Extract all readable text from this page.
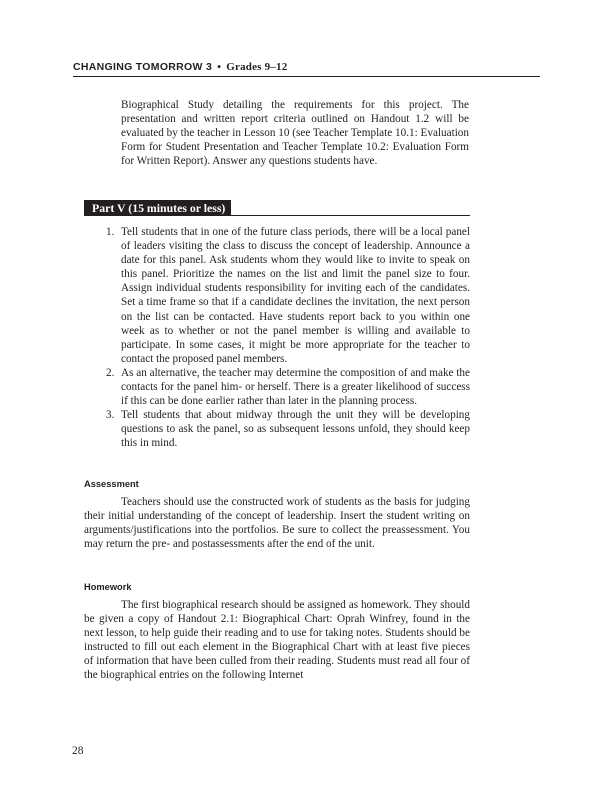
CHANGING TOMORROW 3 • Grades 9–12

Biographical Study detailing the requirements for this project. The presentation and written report criteria outlined on Handout 1.2 will be evaluated by the teacher in Lesson 10 (see Teacher Template 10.1: Evaluation Form for Student Presentation and Teacher Template 10.2: Evaluation Form for Written Report). Answer any questions students have.

Part V (15 minutes or less)
1. Tell students that in one of the future class periods, there will be a local panel of leaders visiting the class to discuss the concept of leadership. Announce a date for this panel. Ask students whom they would like to invite to speak on this panel. Prioritize the names on the list and limit the panel size to four. Assign individual students responsibility for inviting each of the candidates. Set a time frame so that if a candidate declines the invitation, the next person on the list can be contacted. Have students report back to you within one week as to whether or not the panel member is willing and available to participate. In some cases, it might be more appropriate for the teacher to contact the proposed panel members.
2. As an alternative, the teacher may determine the composition of and make the contacts for the panel him- or herself. There is a greater likelihood of success if this can be done earlier rather than later in the planning process.
3. Tell students that about midway through the unit they will be developing questions to ask the panel, so as subsequent lessons unfold, they should keep this in mind.
Assessment

Teachers should use the constructed work of students as the basis for judging their initial understanding of the concept of leadership. Insert the student writing on arguments/justifications into the portfolios. Be sure to collect the preassessment. You may return the pre- and postassessments after the end of the unit.

Homework

The first biographical research should be assigned as homework. They should be given a copy of Handout 2.1: Biographical Chart: Oprah Winfrey, found in the next lesson, to help guide their reading and to use for taking notes. Students should be instructed to fill out each element in the Biographical Chart with at least five pieces of information that have been culled from their reading. Students must read all four of the biographical entries on the following Internet

28
